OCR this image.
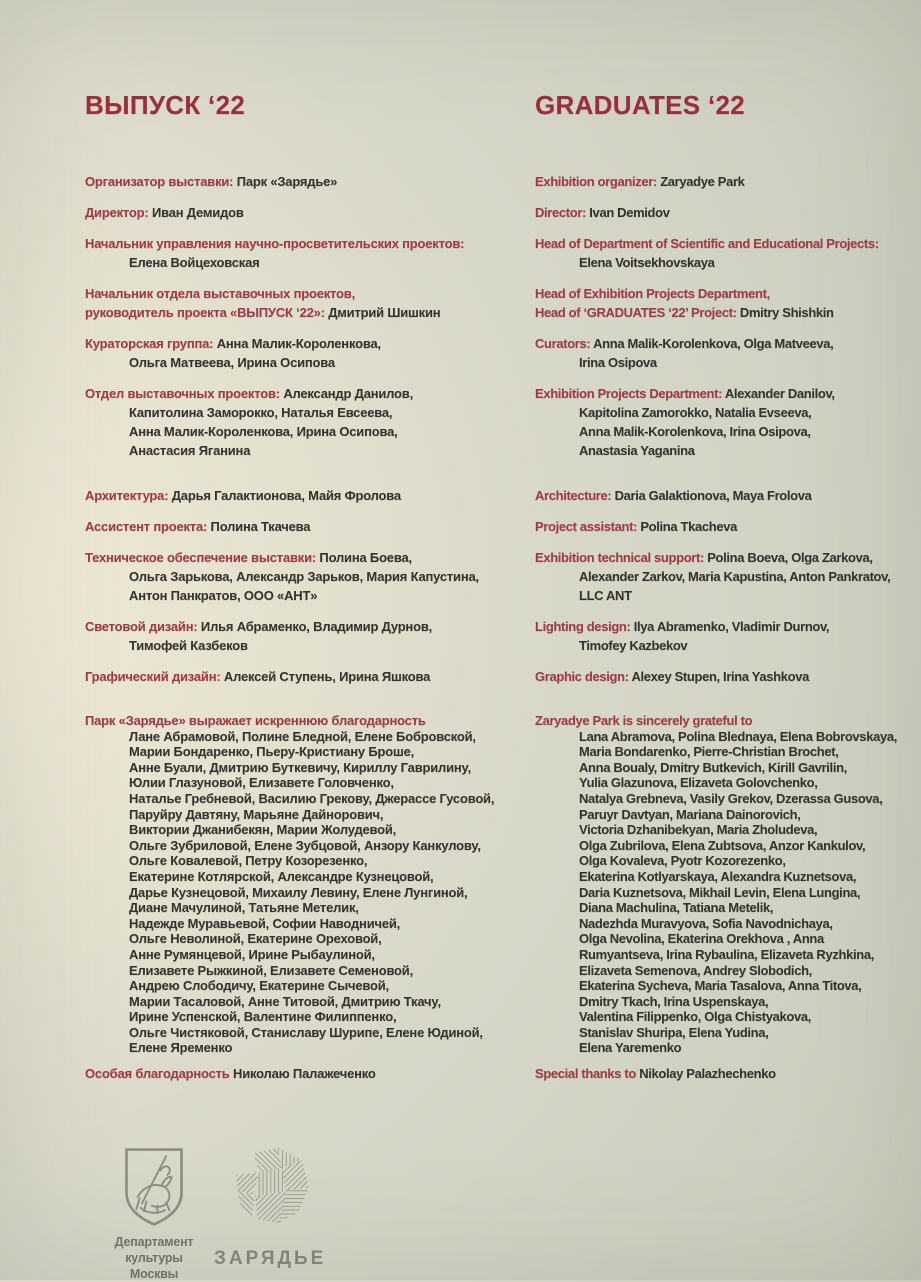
ВЫПУСК ‘22
Организатор выставки: Парк «Зарядье»
Директор: Иван Демидов
Начальник управления научно-просветительских проектов:
Елена Войцеховская
Начальник отдела выставочных проектов,
руководитель проекта «ВЫПУСК ‘22»: Дмитрий Шишкин
Кураторская группа: Анна Малик-Короленкова,
Ольга Матвеева, Ирина Осипова
Отдел выставочных проектов: Александр Данилов,
Капитолина Заморокко, Наталья Евсеева,
Анна Малик-Короленкова, Ирина Осипова,
Анастасия Яганина
Архитектура: Дарья Галактионова, Майя Фролова
Ассистент проекта: Полина Ткачева
Техническое обеспечение выставки: Полина Боева,
Ольга Зарькова, Александр Зарьков, Мария Капустина,
Антон Панкратов, ООО «АНТ»
Световой дизайн: Илья Абраменко, Владимир Дурнов,
Тимофей Казбеков
Графический дизайн: Алексей Ступень, Ирина Яшкова
Парк «Зарядье» выражает искреннюю благодарность
Лане Абрамовой, Полине Бледной, Елене Бобровской,
Марии Бондаренко, Пьеру-Кристиану Броше,
Анне Буали, Дмитрию Буткевичу, Кириллу Гаврилину,
Юлии Глазуновой, Елизавете Головченко,
Наталье Гребневой, Василию Грекову, Джерассе Гусовой,
Паруйру Давтяну, Марьяне Дайнорович,
Виктории Джанибекян, Марии Жолудевой,
Ольге Зубриловой, Елене Зубцовой, Анзору Канкулову,
Ольге Ковалевой, Петру Козорезенко,
Екатерине Котлярской, Александре Кузнецовой,
Дарье Кузнецовой, Михаилу Левину, Елене Лунгиной,
Диане Мачулиной, Татьяне Метелик,
Надежде Муравьевой, Софии Наводничей,
Ольге Неволиной, Екатерине Ореховой,
Анне Румянцевой, Ирине Рыбаулиной,
Елизавете Рыжкиной, Елизавете Семеновой,
Андрею Слободичу, Екатерине Сычевой,
Марии Тасаловой, Анне Титовой, Дмитрию Ткачу,
Ирине Успенской, Валентине Филиппенко,
Ольге Чистяковой, Станиславу Шурипе, Елене Юдиной,
Елене Яременко
Особая благодарность Николаю Палажеченко
GRADUATES ‘22
Exhibition organizer: Zaryadye Park
Director: Ivan Demidov
Head of Department of Scientific and Educational Projects:
Elena Voitsekhovskaya
Head of Exhibition Projects Department,
Head of ‘GRADUATES ‘22’ Project: Dmitry Shishkin
Curators: Anna Malik-Korolenkova, Olga Matveeva,
Irina Osipova
Exhibition Projects Department: Alexander Danilov,
Kapitolina Zamorokko, Natalia Evseeva,
Anna Malik-Korolenkova, Irina Osipova,
Anastasia Yaganina
Architecture: Daria Galaktionova, Maya Frolova
Project assistant: Polina Tkacheva
Exhibition technical support: Polina Boeva, Olga Zarkova,
Alexander Zarkov, Maria Kapustina, Anton Pankratov,
LLC ANT
Lighting design: Ilya Abramenko, Vladimir Durnov,
Timofey Kazbekov
Graphic design: Alexey Stupen, Irina Yashkova
Zaryadye Park is sincerely grateful to
Lana Abramova, Polina Blednaya, Elena Bobrovskaya,
Maria Bondarenko, Pierre-Christian Brochet,
Anna Boualy, Dmitry Butkevich, Kirill Gavrilin,
Yulia Glazunova, Elizaveta Golovchenko,
Natalya Grebneva, Vasily Grekov, Dzerassa Gusova,
Paruyr Davtyan, Mariana Dainorovich,
Victoria Dzhanibekyan, Maria Zholudeva,
Olga Zubrilova, Elena Zubtsova, Anzor Kankulov,
Olga Kovaleva, Pyotr Kozorezenko,
Ekaterina Kotlyarskaya, Alexandra Kuznetsova,
Daria Kuznetsova, Mikhail Levin, Elena Lungina,
Diana Machulina, Tatiana Metelik,
Nadezhda Muravyova, Sofia Navodnichaya,
Olga Nevolina, Ekaterina Orekhova , Anna
Rumyantseva, Irina Rybaulina, Elizaveta Ryzhkina,
Elizaveta Semenova, Andrey Slobodich,
Ekaterina Sycheva, Maria Tasalova, Anna Titova,
Dmitry Tkach, Irina Uspenskaya,
Valentina Filippenko, Olga Chistyakova,
Stanislav Shuripa, Elena Yudina,
Elena Yaremenko
Special thanks to Nikolay Palazhechenko
Департамент
культуры Москвы
ЗАРЯДЬЕ
